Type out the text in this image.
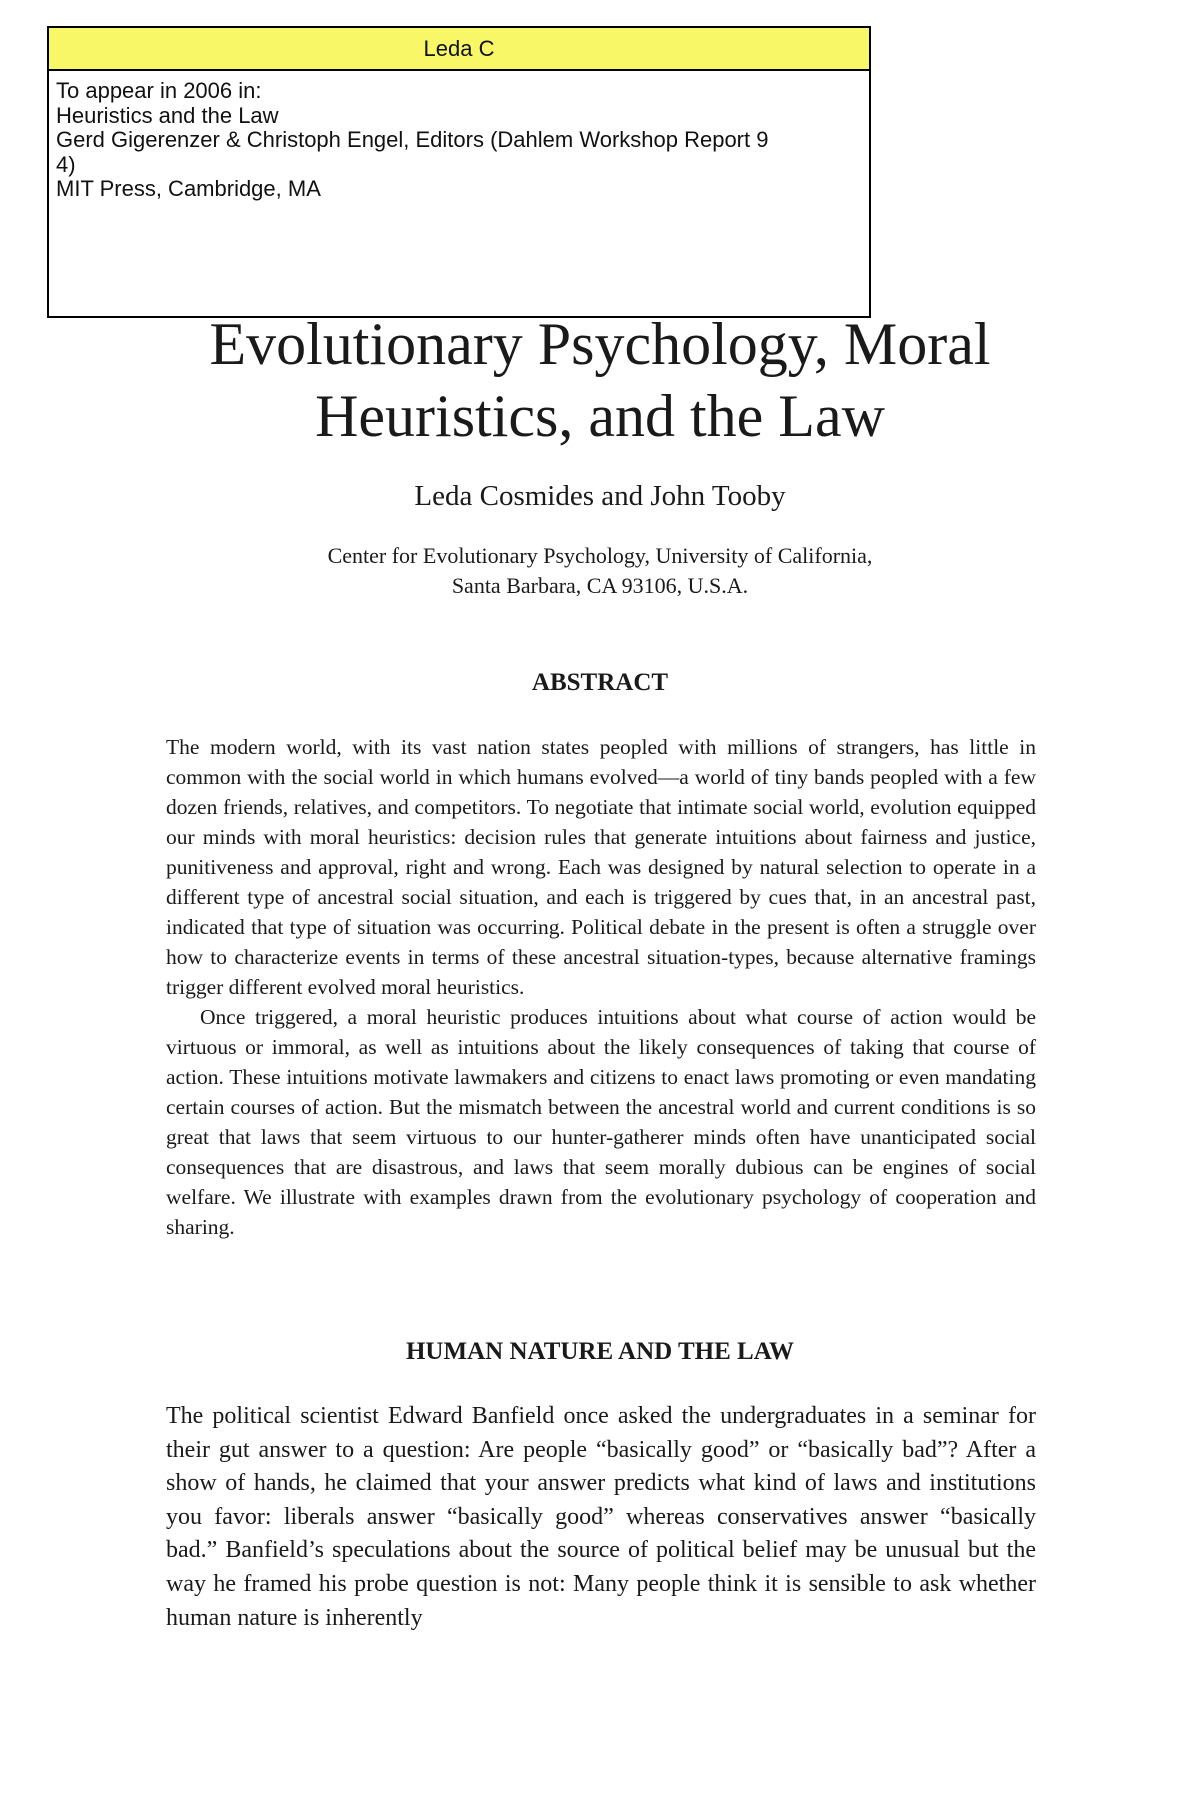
Leda C
To appear in 2006 in:
Heuristics and the Law
Gerd Gigerenzer & Christoph Engel, Editors (Dahlem Workshop Report 9
4)
MIT Press, Cambridge, MA
Evolutionary Psychology, Moral
Heuristics, and the Law
Leda Cosmides and John Tooby
Center for Evolutionary Psychology, University of California,
Santa Barbara, CA 93106, U.S.A.
ABSTRACT

The modern world, with its vast nation states peopled with millions of strangers, has little in common with the social world in which humans evolved—a world of tiny bands peopled with a few dozen friends, relatives, and competitors. To negotiate that intimate social world, evolution equipped our minds with moral heuristics: decision rules that generate intuitions about fairness and justice, punitiveness and approval, right and wrong. Each was designed by natural selection to operate in a different type of ancestral social situation, and each is triggered by cues that, in an ancestral past, indicated that type of situation was occurring. Political debate in the present is often a struggle over how to characterize events in terms of these ancestral situation-types, because alternative framings trigger different evolved moral heuristics.

Once triggered, a moral heuristic produces intuitions about what course of action would be virtuous or immoral, as well as intuitions about the likely consequences of taking that course of action. These intuitions motivate lawmakers and citizens to enact laws promoting or even mandating certain courses of action. But the mismatch between the ancestral world and current conditions is so great that laws that seem virtuous to our hunter-gatherer minds often have unanticipated social consequences that are disastrous, and laws that seem morally dubious can be engines of social welfare. We illustrate with examples drawn from the evolutionary psychology of cooperation and sharing.

HUMAN NATURE AND THE LAW

The political scientist Edward Banfield once asked the undergraduates in a seminar for their gut answer to a question: Are people “basically good” or “basically bad”? After a show of hands, he claimed that your answer predicts what kind of laws and institutions you favor: liberals answer “basically good” whereas conservatives answer “basically bad.” Banfield’s speculations about the source of political belief may be unusual but the way he framed his probe question is not: Many people think it is sensible to ask whether human nature is inherently
